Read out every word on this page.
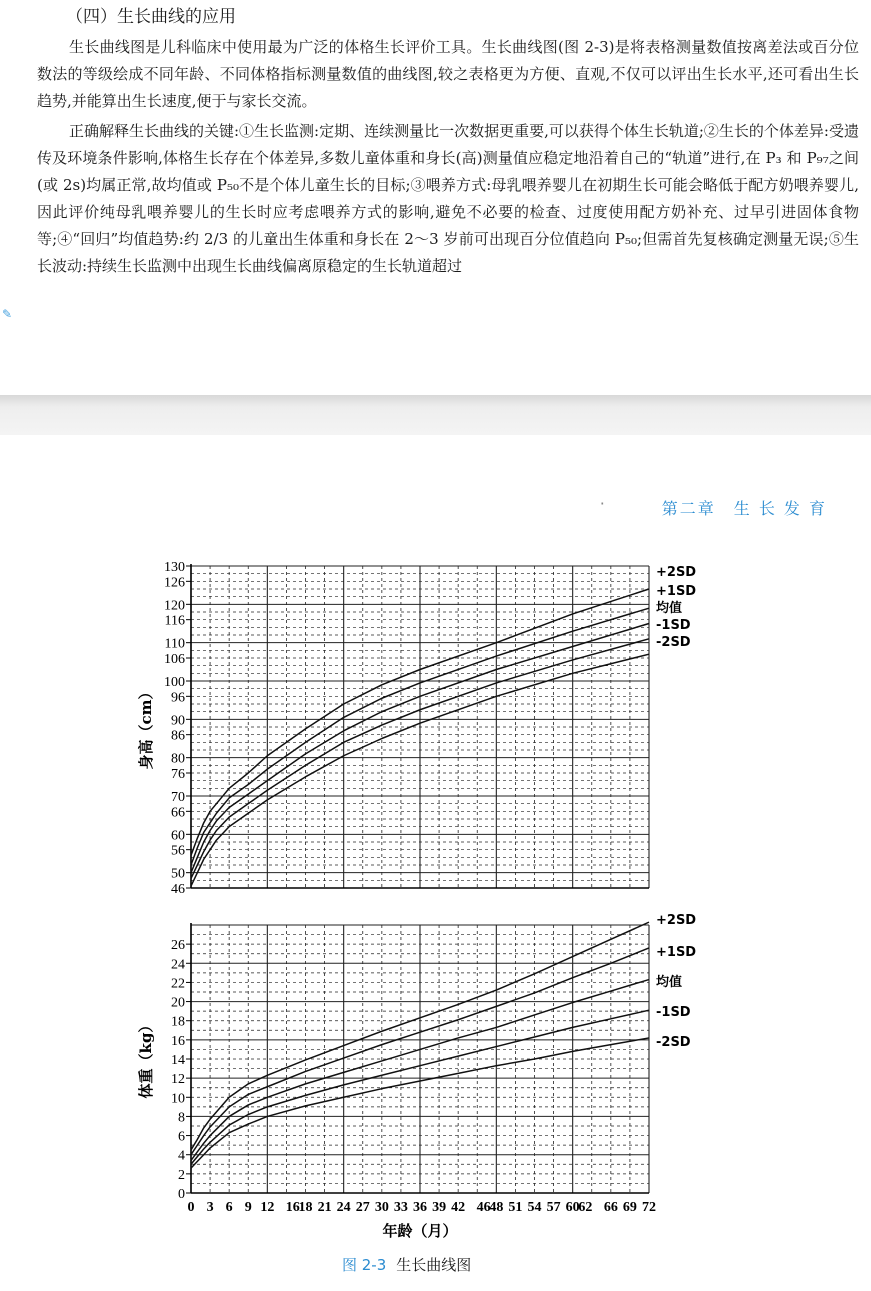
（四）生长曲线的应用

生长曲线图是儿科临床中使用最为广泛的体格生长评价工具。生长曲线图(图 2-3)是将表格测量数值按离差法或百分位数法的等级绘成不同年龄、不同体格指标测量数值的曲线图,较之表格更为方便、直观,不仅可以评出生长水平,还可看出生长趋势,并能算出生长速度,便于与家长交流。

正确解释生长曲线的关键:①生长监测:定期、连续测量比一次数据更重要,可以获得个体生长轨道;②生长的个体差异:受遗传及环境条件影响,体格生长存在个体差异,多数儿童体重和身长(高)测量值应稳定地沿着自己的“轨道”进行,在 P₃ 和 P₉₇之间(或 2s)均属正常,故均值或 P₅₀不是个体儿童生长的目标;③喂养方式:母乳喂养婴儿在初期生长可能会略低于配方奶喂养婴儿,因此评价纯母乳喂养婴儿的生长时应考虑喂养方式的影响,避免不必要的检查、过度使用配方奶补充、过早引进固体食物等;④“回归”均值趋势:约 2/3 的儿童出生体重和身长在 2～3 岁前可出现百分位值趋向 P₅₀;但需首先复核确定测量无误;⑤生长波动:持续生长监测中出现生长曲线偏离原稳定的生长轨道超过

✎
·	第二章　生 长 发 育
46
50
56
60
66
70
76
80
86
90
96
100
106
110
116
120
126
130	+2SD
+1SD
均值
-1SD
-2SD
身高（cm）
0
2
4
6
8
10
12
14
16
18
20
22
24
26
+2SD
+1SD
均值
-1SD
-2SD
体重（kg）
0 3 6 9 12 16
18 21 24 27 30 33 36 39 42 46
48 51 54 57 60
62 66 69 72
年龄（月）
图 2-3 生长曲线图
